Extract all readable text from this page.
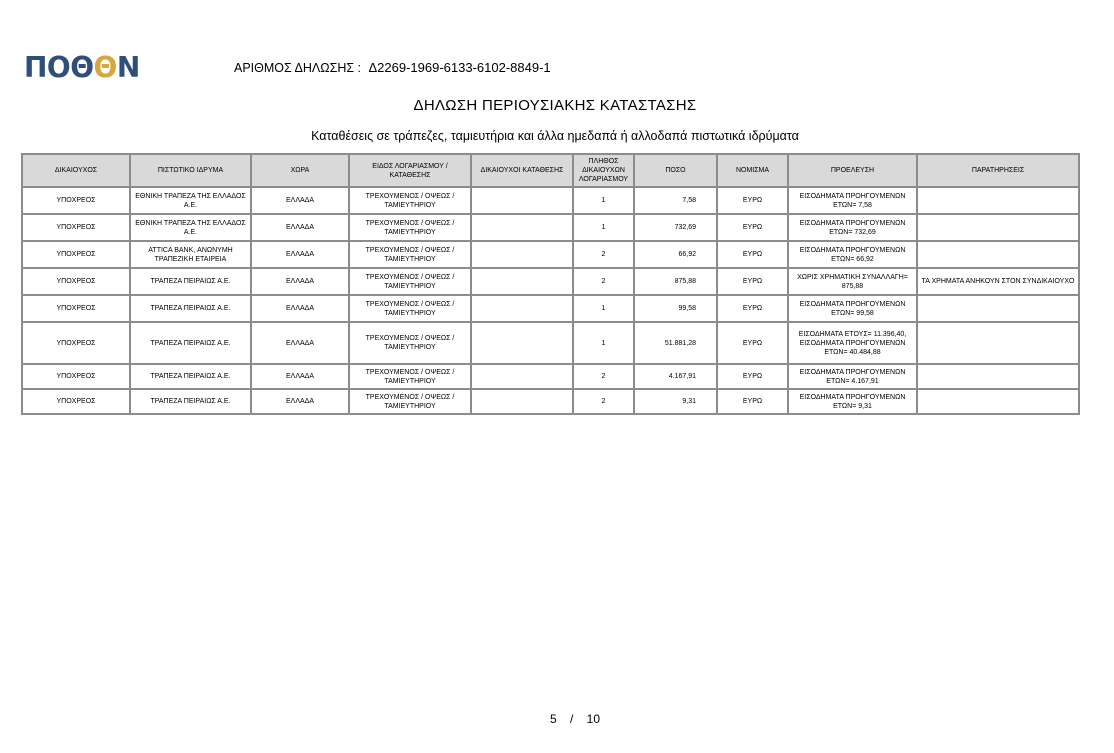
ΠΟΘΘΝ	ΑΡΙΘΜΟΣ ΔΗΛΩΣΗΣ : Δ2269-1969-6133-6102-8849-1
ΔΗΛΩΣΗ ΠΕΡΙΟΥΣΙΑΚΗΣ ΚΑΤΑΣΤΑΣΗΣ
Καταθέσεις σε τράπεζες, ταμιευτήρια και άλλα ημεδαπά ή αλλοδαπά πιστωτικά ιδρύματα
ΔΙΚΑΙΟΥΧΟΣ	ΠΙΣΤΩΤΙΚΟ ΙΔΡΥΜΑ	ΧΩΡΑ	ΕΙΔΟΣ ΛΟΓΑΡΙΑΣΜΟΥ / ΚΑΤΑΘΕΣΗΣ	ΔΙΚΑΙΟΥΧΟΙ ΚΑΤΑΘΕΣΗΣ	ΠΛΗΘΟΣ ΔΙΚΑΙΟΥΧΩΝ ΛΟΓΑΡΙΑΣΜΟΥ	ΠΟΣΟ	ΝΟΜΙΣΜΑ	ΠΡΟΕΛΕΥΣΗ	ΠΑΡΑΤΗΡΗΣΕΙΣ
ΥΠΟΧΡΕΟΣ	ΕΘΝΙΚΗ ΤΡΑΠΕΖΑ ΤΗΣ ΕΛΛΑΔΟΣ Α.Ε.	ΕΛΛΑΔΑ	ΤΡΕΧΟΥΜΕΝΟΣ / ΟΨΕΩΣ / ΤΑΜΙΕΥΤΗΡΙΟΥ		1	7,58	ΕΥΡΩ	ΕΙΣΟΔΗΜΑΤΑ ΠΡΟΗΓΟΥΜΕΝΩΝ ΕΤΩΝ= 7,58	
ΥΠΟΧΡΕΟΣ	ΕΘΝΙΚΗ ΤΡΑΠΕΖΑ ΤΗΣ ΕΛΛΑΔΟΣ Α.Ε.	ΕΛΛΑΔΑ	ΤΡΕΧΟΥΜΕΝΟΣ / ΟΨΕΩΣ / ΤΑΜΙΕΥΤΗΡΙΟΥ		1	732,69	ΕΥΡΩ	ΕΙΣΟΔΗΜΑΤΑ ΠΡΟΗΓΟΥΜΕΝΩΝ ΕΤΩΝ= 732,69	
ΥΠΟΧΡΕΟΣ	ATTICA BANK, ΑΝΩΝΥΜΗ ΤΡΑΠΕΖΙΚΗ ΕΤΑΙΡΕΙΑ	ΕΛΛΑΔΑ	ΤΡΕΧΟΥΜΕΝΟΣ / ΟΨΕΩΣ / ΤΑΜΙΕΥΤΗΡΙΟΥ		2	66,92	ΕΥΡΩ	ΕΙΣΟΔΗΜΑΤΑ ΠΡΟΗΓΟΥΜΕΝΩΝ ΕΤΩΝ= 66,92	
ΥΠΟΧΡΕΟΣ	ΤΡΑΠΕΖΑ ΠΕΙΡΑΙΩΣ Α.Ε.	ΕΛΛΑΔΑ	ΤΡΕΧΟΥΜΕΝΟΣ / ΟΨΕΩΣ / ΤΑΜΙΕΥΤΗΡΙΟΥ		2	875,88	ΕΥΡΩ	ΧΩΡΙΣ ΧΡΗΜΑΤΙΚΗ ΣΥΝΑΛΛΑΓΗ= 875,88	ΤΑ ΧΡΗΜΑΤΑ ΑΝΗΚΟΥΝ ΣΤΟΝ ΣΥΝΔΙΚΑΙΟΥΧΟ
ΥΠΟΧΡΕΟΣ	ΤΡΑΠΕΖΑ ΠΕΙΡΑΙΩΣ Α.Ε.	ΕΛΛΑΔΑ	ΤΡΕΧΟΥΜΕΝΟΣ / ΟΨΕΩΣ / ΤΑΜΙΕΥΤΗΡΙΟΥ		1	99,58	ΕΥΡΩ	ΕΙΣΟΔΗΜΑΤΑ ΠΡΟΗΓΟΥΜΕΝΩΝ ΕΤΩΝ= 99,58	
ΥΠΟΧΡΕΟΣ	ΤΡΑΠΕΖΑ ΠΕΙΡΑΙΩΣ Α.Ε.	ΕΛΛΑΔΑ	ΤΡΕΧΟΥΜΕΝΟΣ / ΟΨΕΩΣ / ΤΑΜΙΕΥΤΗΡΙΟΥ		1	51.881,28	ΕΥΡΩ	ΕΙΣΟΔΗΜΑΤΑ ΕΤΟΥΣ= 11.396,40, ΕΙΣΟΔΗΜΑΤΑ ΠΡΟΗΓΟΥΜΕΝΩΝ ΕΤΩΝ= 40.484,88	
ΥΠΟΧΡΕΟΣ	ΤΡΑΠΕΖΑ ΠΕΙΡΑΙΩΣ Α.Ε.	ΕΛΛΑΔΑ	ΤΡΕΧΟΥΜΕΝΟΣ / ΟΨΕΩΣ / ΤΑΜΙΕΥΤΗΡΙΟΥ		2	4.167,91	ΕΥΡΩ	ΕΙΣΟΔΗΜΑΤΑ ΠΡΟΗΓΟΥΜΕΝΩΝ ΕΤΩΝ= 4.167,91	
ΥΠΟΧΡΕΟΣ	ΤΡΑΠΕΖΑ ΠΕΙΡΑΙΩΣ Α.Ε.	ΕΛΛΑΔΑ	ΤΡΕΧΟΥΜΕΝΟΣ / ΟΨΕΩΣ / ΤΑΜΙΕΥΤΗΡΙΟΥ		2	9,31	ΕΥΡΩ	ΕΙΣΟΔΗΜΑΤΑ ΠΡΟΗΓΟΥΜΕΝΩΝ ΕΤΩΝ= 9,31	
5 / 10
